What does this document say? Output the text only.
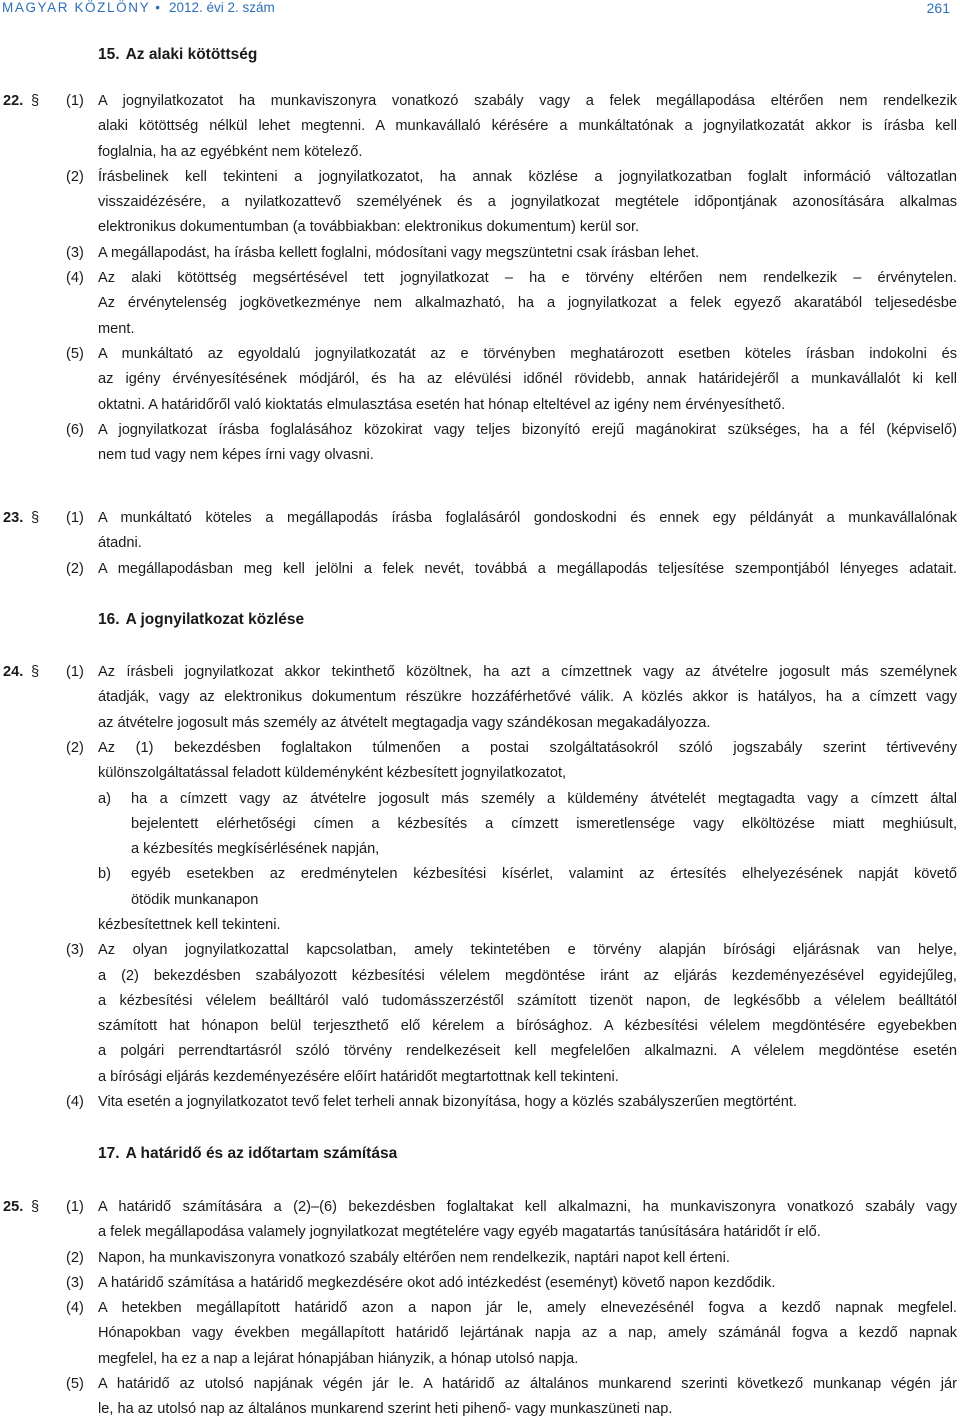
MAGYAR KÖZLÖNY • 2012. évi 2. szám	261
15. Az alaki kötöttség
22. § (1) A jognyilatkozatot ha munkaviszonyra vonatkozó szabály vagy a felek megállapodása eltérően nem rendelkezik
alaki kötöttség nélkül lehet megtenni. A munkavállaló kérésére a munkáltatónak a jognyilatkozatát akkor is írásba kell
foglalnia, ha az egyébként nem kötelező.
(2) Írásbelinek kell tekinteni a jognyilatkozatot, ha annak közlése a jognyilatkozatban foglalt információ változatlan
visszaidézésére, a nyilatkozattevő személyének és a jognyilatkozat megtétele időpontjának azonosítására alkalmas
elektronikus dokumentumban (a továbbiakban: elektronikus dokumentum) kerül sor.
(3) A megállapodást, ha írásba kellett foglalni, módosítani vagy megszüntetni csak írásban lehet.
(4) Az alaki kötöttség megsértésével tett jognyilatkozat – ha e törvény eltérően nem rendelkezik – érvénytelen.
Az érvénytelenség jogkövetkezménye nem alkalmazható, ha a jognyilatkozat a felek egyező akaratából teljesedésbe
ment.
(5) A munkáltató az egyoldalú jognyilatkozatát az e törvényben meghatározott esetben köteles írásban indokolni és
az igény érvényesítésének módjáról, és ha az elévülési időnél rövidebb, annak határidejéről a munkavállalót ki kell
oktatni. A határidőről való kioktatás elmulasztása esetén hat hónap elteltével az igény nem érvényesíthető.
(6) A jognyilatkozat írásba foglalásához közokirat vagy teljes bizonyító erejű magánokirat szükséges, ha a fél (képviselő)
nem tud vagy nem képes írni vagy olvasni.
23. § (1) A munkáltató köteles a megállapodás írásba foglalásáról gondoskodni és ennek egy példányát a munkavállalónak
átadni.
(2) A megállapodásban meg kell jelölni a felek nevét, továbbá a megállapodás teljesítése szempontjából lényeges adatait.
16. A jognyilatkozat közlése
24. § (1) Az írásbeli jognyilatkozat akkor tekinthető közöltnek, ha azt a címzettnek vagy az átvételre jogosult más személynek
átadják, vagy az elektronikus dokumentum részükre hozzáférhetővé válik. A közlés akkor is hatályos, ha a címzett vagy
az átvételre jogosult más személy az átvételt megtagadja vagy szándékosan megakadályozza.
(2) Az (1) bekezdésben foglaltakon túlmenően a postai szolgáltatásokról szóló jogszabály szerint tértivevény
különszolgáltatással feladott küldeményként kézbesített jognyilatkozatot,
a) ha a címzett vagy az átvételre jogosult más személy a küldemény átvételét megtagadta vagy a címzett által
bejelentett elérhetőségi címen a kézbesítés a címzett ismeretlensége vagy elköltözése miatt meghiúsult,
a kézbesítés megkísérlésének napján,
b) egyéb esetekben az eredménytelen kézbesítési kísérlet, valamint az értesítés elhelyezésének napját követő
ötödik munkanapon
kézbesítettnek kell tekinteni.
(3) Az olyan jognyilatkozattal kapcsolatban, amely tekintetében e törvény alapján bírósági eljárásnak van helye,
a (2) bekezdésben szabályozott kézbesítési vélelem megdöntése iránt az eljárás kezdeményezésével egyidejűleg,
a kézbesítési vélelem beálltáról való tudomásszerzéstől számított tizenöt napon, de legkésőbb a vélelem beálltától
számított hat hónapon belül terjeszthető elő kérelem a bírósághoz. A kézbesítési vélelem megdöntésére egyebekben
a polgári perrendtartásról szóló törvény rendelkezéseit kell megfelelően alkalmazni. A vélelem megdöntése esetén
a bírósági eljárás kezdeményezésére előírt határidőt megtartottnak kell tekinteni.
(4) Vita esetén a jognyilatkozatot tevő felet terheli annak bizonyítása, hogy a közlés szabályszerűen megtörtént.
17. A határidő és az időtartam számítása
25. § (1) A határidő számítására a (2)–(6) bekezdésben foglaltakat kell alkalmazni, ha munkaviszonyra vonatkozó szabály vagy
a felek megállapodása valamely jognyilatkozat megtételére vagy egyéb magatartás tanúsítására határidőt ír elő.
(2) Napon, ha munkaviszonyra vonatkozó szabály eltérően nem rendelkezik, naptári napot kell érteni.
(3) A határidő számítása a határidő megkezdésére okot adó intézkedést (eseményt) követő napon kezdődik.
(4) A hetekben megállapított határidő azon a napon jár le, amely elnevezésénél fogva a kezdő napnak megfelel.
Hónapokban vagy években megállapított határidő lejártának napja az a nap, amely számánál fogva a kezdő napnak
megfelel, ha ez a nap a lejárat hónapjában hiányzik, a hónap utolsó napja.
(5) A határidő az utolsó napjának végén jár le. A határidő az általános munkarend szerinti következő munkanap végén jár
le, ha az utolsó nap az általános munkarend szerint heti pihenő- vagy munkaszüneti nap.
